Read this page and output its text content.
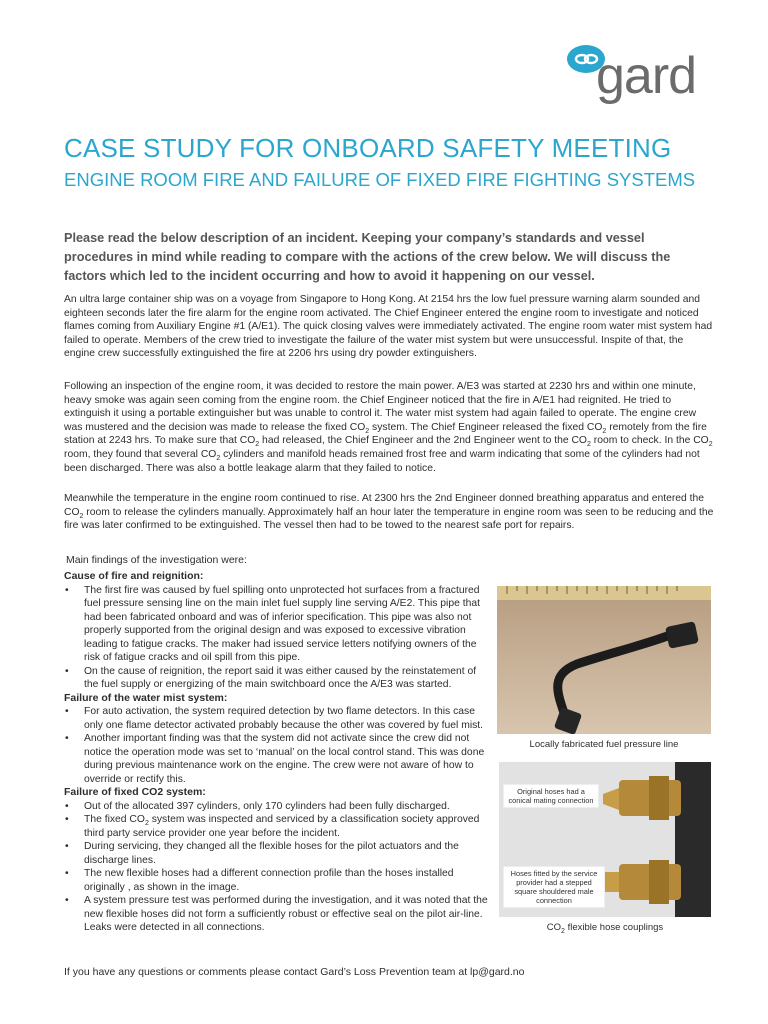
gard
CASE STUDY FOR ONBOARD SAFETY MEETING
ENGINE ROOM FIRE AND FAILURE OF FIXED FIRE FIGHTING SYSTEMS
Please read the below description of an incident. Keeping your company’s standards and vessel procedures in mind while reading to compare with the actions of the crew below. We will discuss the factors which led to the incident occurring and how to avoid it happening on our vessel.
An ultra large container ship was on a voyage from Singapore to Hong Kong. At 2154 hrs the low fuel pressure warning alarm sounded and eighteen seconds later the fire alarm for the engine room activated. The Chief Engineer entered the engine room to investigate and noticed flames coming from Auxiliary Engine #1 (A/E1). The quick closing valves were immediately activated. The engine room water mist system had failed to operate. Members of the crew tried to investigate the failure of the water mist system but were unsuccessful. Inspite of that, the engine crew successfully extinguished the fire at 2206 hrs using dry powder extinguishers.
Following an inspection of the engine room, it was decided to restore the main power. A/E3 was started at 2230 hrs and within one minute, heavy smoke was again seen coming from the engine room. the Chief Engineer noticed that the fire in A/E1 had reignited. He tried to extinguish it using a portable extinguisher but was unable to control it. The water mist system had again failed to operate. The engine crew was mustered and the decision was made to release the fixed $CO_2$ system. The Chief Engineer released the fixed $CO_2$ remotely from the fire station at 2243 hrs. To make sure that $CO_2$ had released, the Chief Engineer and the 2nd Engineer went to the $CO_2$ room to check. In the $CO_2$ room, they found that several $CO_2$ cylinders and manifold heads remained frost free and warm indicating that some of the cylinders had not been discharged. There was also a bottle leakage alarm that they failed to notice.
Meanwhile the temperature in the engine room continued to rise. At 2300 hrs the 2nd Engineer donned breathing apparatus and entered the $CO_2$ room to release the cylinders manually. Approximately half an hour later the temperature in engine room was seen to be reducing and the fire was later confirmed to be extinguished. The vessel then had to be towed to the nearest safe port for repairs.
Main findings of the investigation were:
Cause of fire and reignition:
• The first fire was caused by fuel spilling onto unprotected hot surfaces from a fractured fuel pressure sensing line on the main inlet fuel supply line serving A/E2. This pipe that had been fabricated onboard and was of inferior specification. This pipe was also not properly supported from the original design and was exposed to excessive vibration leading to fatigue cracks. The maker had issued service letters notifying owners of the risk of fatigue cracks and oil spill from this pipe.
• On the cause of reignition, the report said it was either caused by the reinstatement of the fuel supply or energizing of the main switchboard once the A/E3 was started.
Failure of the water mist system:
• For auto activation, the system required detection by two flame detectors. In this case only one flame detector activated probably because the other was covered by fuel mist.
• Another important finding was that the system did not activate since the crew did not notice the operation mode was set to ‘manual’ on the local control stand. This was done during previous maintenance work on the engine. The crew were not aware of how to override or rectify this.
Failure of fixed CO2 system:
• Out of the allocated 397 cylinders, only 170 cylinders had been fully discharged.
• The fixed $CO_2$ system was inspected and serviced by a classification society approved third party service provider one year before the incident.
• During servicing, they changed all the flexible hoses for the pilot actuators and the discharge lines.
• The new flexible hoses had a different connection profile than the hoses installed originally , as shown in the image.
• A system pressure test was performed during the investigation, and it was noted that the new flexible hoses did not form a sufficiently robust or effective seal on the pilot air-line. Leaks were detected in all connections.
Locally fabricated fuel pressure line
Original hoses had a conical mating connection
Hoses fitted by the service provider had a stepped square shouldered male connection
$CO_2$ flexible hose couplings
If you have any questions or comments please contact Gard’s Loss Prevention team at lp@gard.no
